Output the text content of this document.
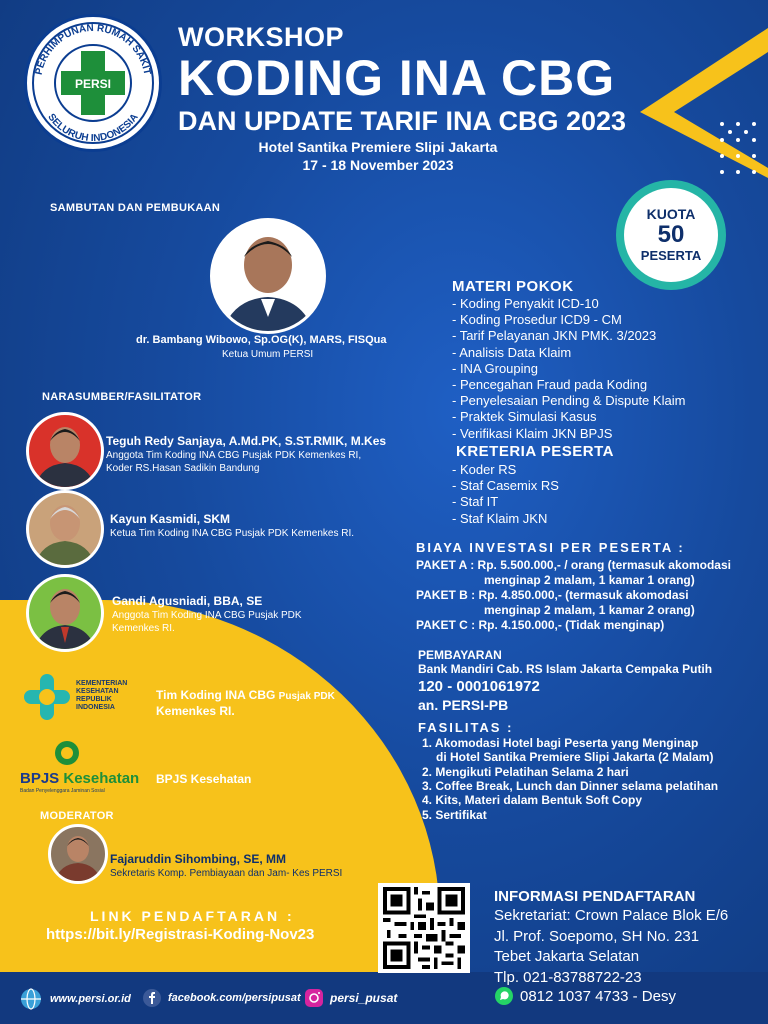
PERHIMPUNAN RUMAH SAKIT
SELURUH INDONESIA
PERSI
WORKSHOP
KODING INA CBG
DAN UPDATE TARIF INA CBG 2023
Hotel Santika Premiere Slipi Jakarta
17 - 18 November 2023
KUOTA
50
PESERTA
SAMBUTAN DAN PEMBUKAAN
dr. Bambang Wibowo, Sp.OG(K), MARS, FISQua
Ketua Umum PERSI
NARASUMBER/FASILITATOR
Teguh Redy Sanjaya, A.Md.PK, S.ST.RMIK, M.Kes
Anggota Tim Koding INA CBG Pusjak PDK Kemenkes RI,
Koder RS.Hasan Sadikin Bandung
Kayun Kasmidi, SKM
Ketua Tim Koding INA CBG Pusjak PDK Kemenkes RI.
Gandi Agusniadi, BBA, SE
Anggota Tim Koding INA CBG Pusjak PDK
Kemenkes RI.
KEMENTERIAN
KESEHATAN
REPUBLIK
INDONESIA
Tim Koding INA CBG Pusjak PDK
Kemenkes RI.
BPJS Kesehatan
Badan Penyelenggara Jaminan Sosial
BPJS Kesehatan
MODERATOR
Fajaruddin Sihombing, SE, MM
Sekretaris Komp. Pembiayaan dan Jam- Kes PERSI
MATERI POKOK
- Koding Penyakit ICD-10
- Koding Prosedur ICD9 - CM
- Tarif Pelayanan JKN PMK. 3/2023
- Analisis Data Klaim
- INA Grouping
- Pencegahan Fraud pada Koding
- Penyelesaian Pending & Dispute Klaim
- Praktek Simulasi Kasus
- Verifikasi Klaim JKN BPJS
KRETERIA PESERTA
- Koder RS
- Staf Casemix RS
- Staf IT
- Staf Klaim JKN
BIAYA INVESTASI PER PESERTA :
PAKET A : Rp. 5.500.000,- / orang (termasuk akomodasi
menginap 2 malam, 1 kamar 1 orang)
PAKET B : Rp. 4.850.000,- (termasuk akomodasi
menginap 2 malam, 1 kamar 2 orang)
PAKET C : Rp. 4.150.000,- (Tidak menginap)
PEMBAYARAN
Bank Mandiri Cab. RS Islam Jakarta Cempaka Putih
120 - 0001061972
an. PERSI-PB
FASILITAS :
1. Akomodasi Hotel bagi Peserta yang Menginap
di Hotel Santika Premiere Slipi Jakarta (2 Malam)
2. Mengikuti Pelatihan Selama 2 hari
3. Coffee Break, Lunch dan Dinner selama pelatihan
4. Kits, Materi dalam Bentuk Soft Copy
5. Sertifikat
LINK PENDAFTARAN :
https://bit.ly/Registrasi-Koding-Nov23
INFORMASI PENDAFTARAN
Sekretariat: Crown Palace Blok E/6
Jl. Prof. Soepomo, SH No. 231
Tebet Jakarta Selatan
Tlp. 021-83788722-23
0812 1037 4733 - Desy
www.persi.or.id	facebook.com/persipusat persi_pusat
